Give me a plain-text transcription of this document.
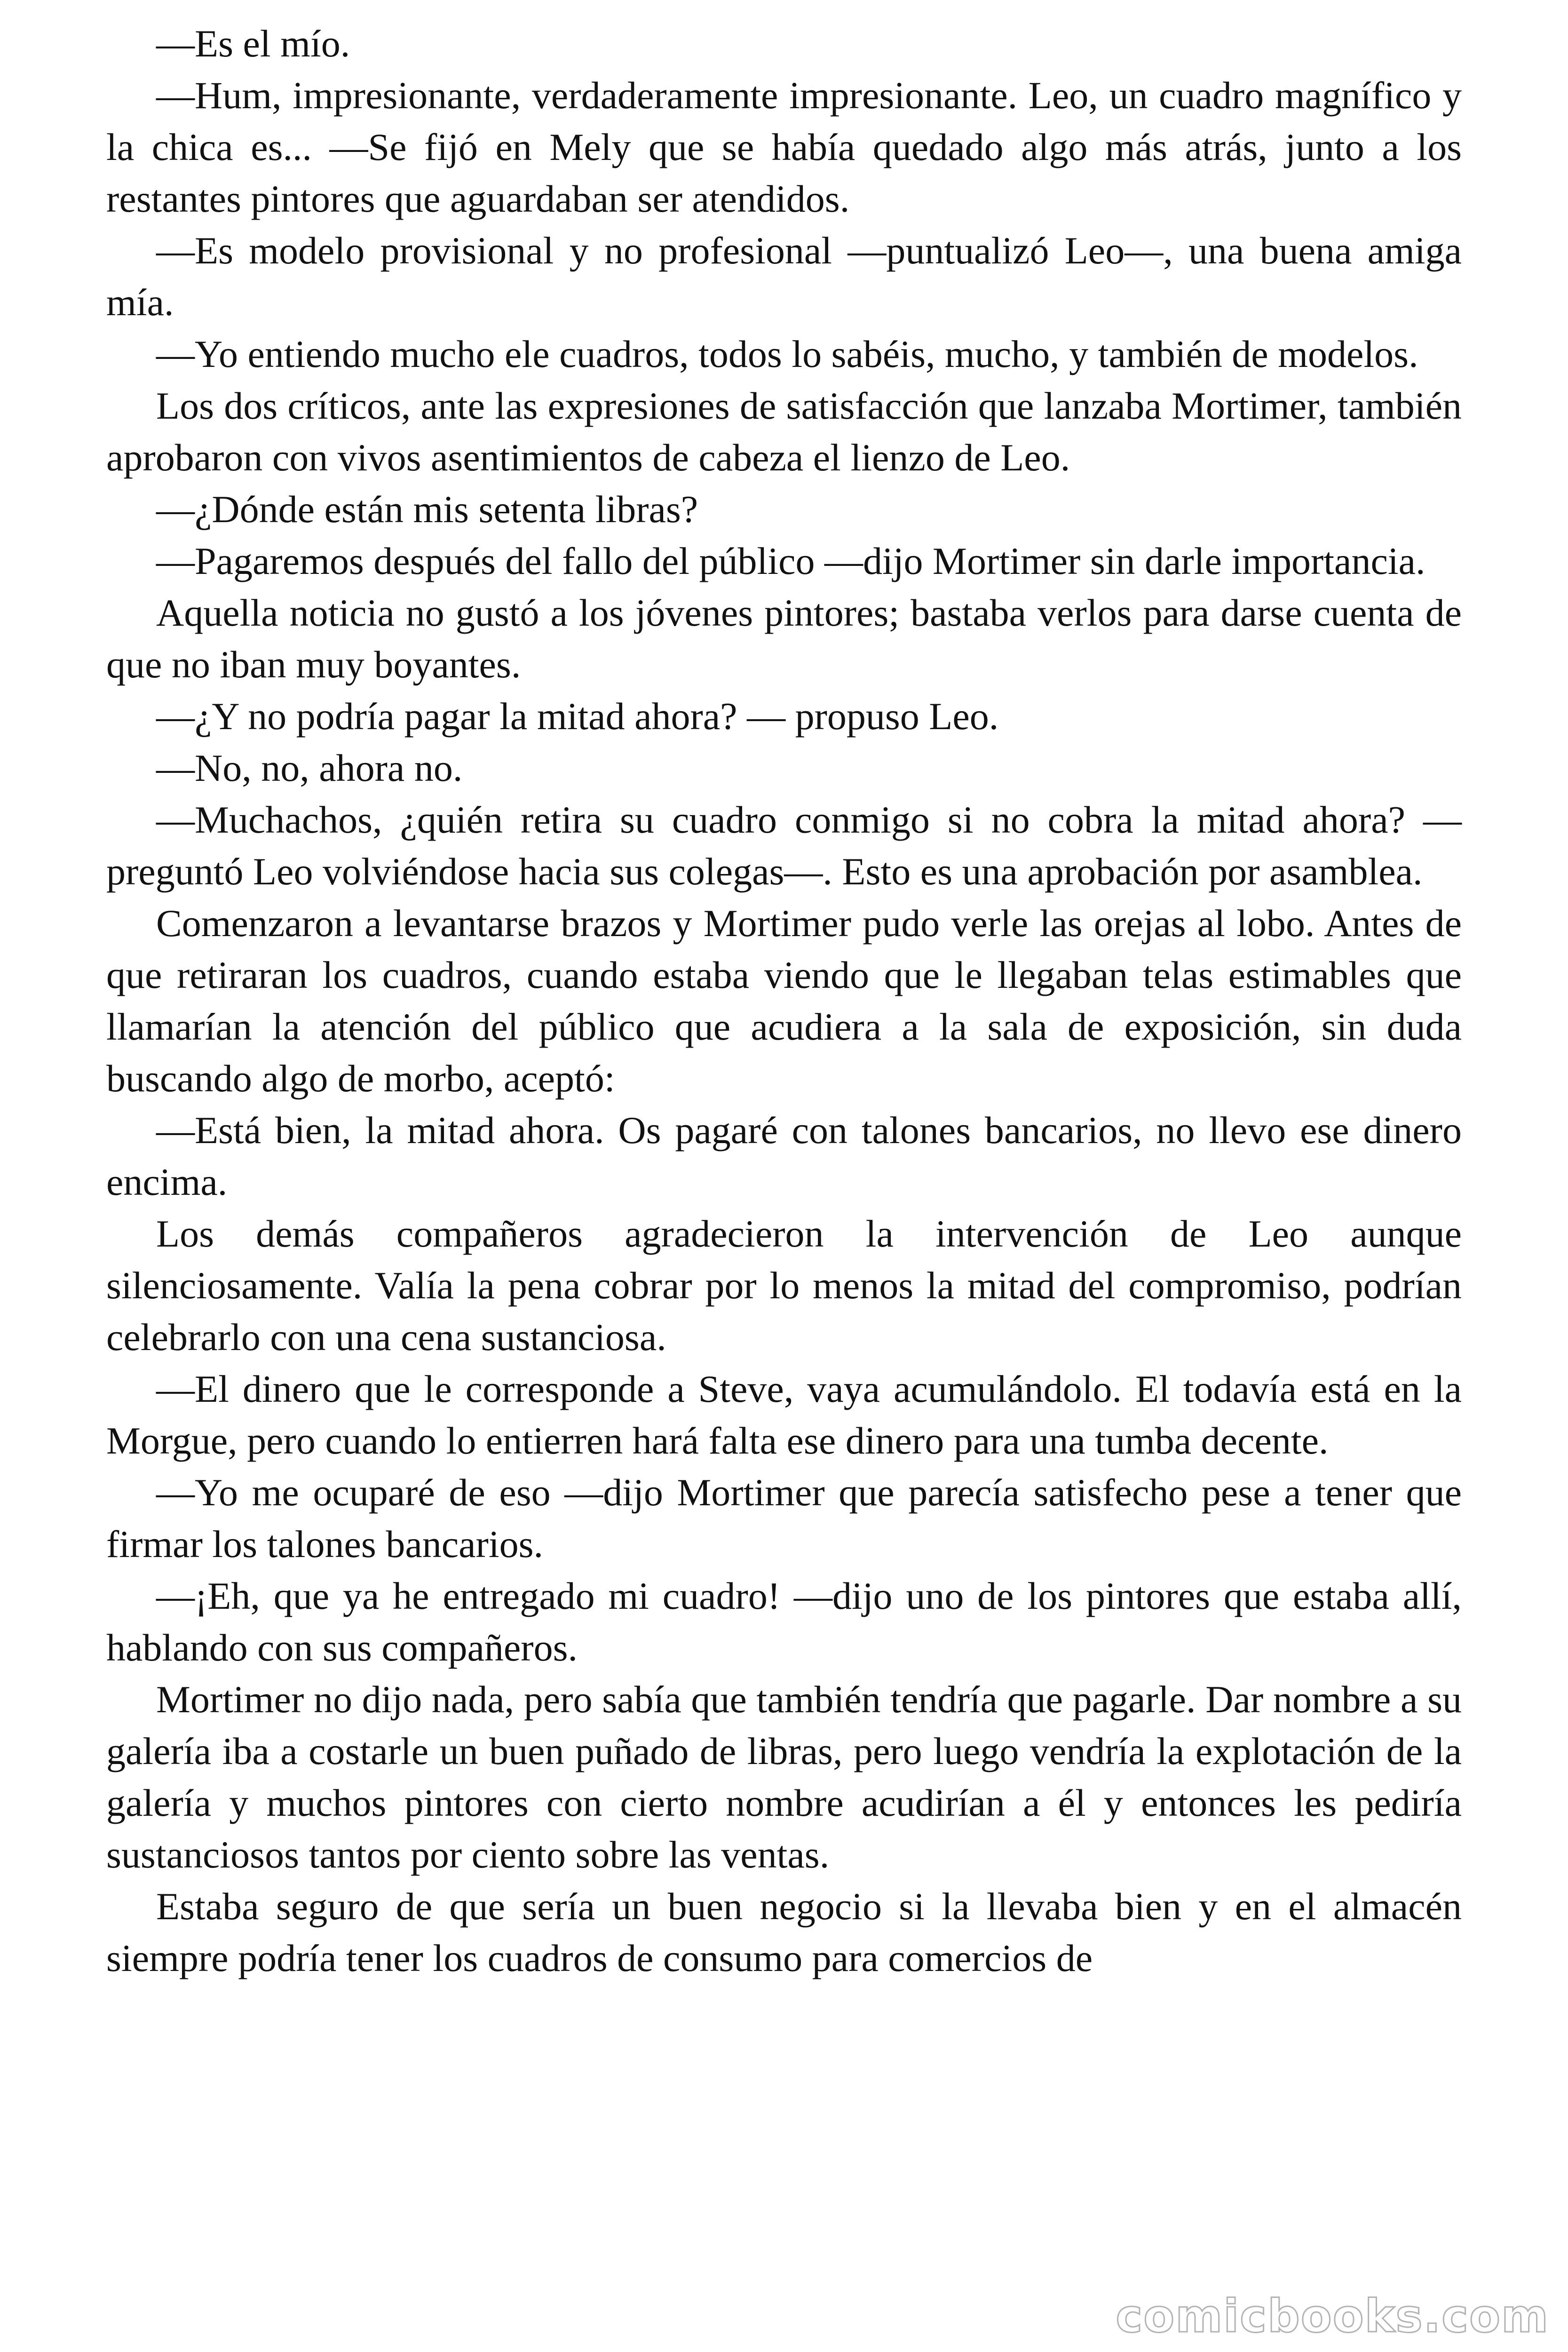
—Es el mío.

—Hum, impresionante, verdaderamente impresionante. Leo, un cuadro magnífico y la chica es... —Se fijó en Mely que se había quedado algo más atrás, junto a los restantes pintores que aguardaban ser atendidos.

—Es modelo provisional y no profesional —puntualizó Leo—, una buena amiga mía.

—Yo entiendo mucho ele cuadros, todos lo sabéis, mucho, y también de modelos.

Los dos críticos, ante las expresiones de satisfacción que lanzaba Mortimer, también aprobaron con vivos asentimientos de cabeza el lienzo de Leo.

—¿Dónde están mis setenta libras?

—Pagaremos después del fallo del público —dijo Mortimer sin darle importancia.

Aquella noticia no gustó a los jóvenes pintores; bastaba verlos para darse cuenta de que no iban muy boyantes.

—¿Y no podría pagar la mitad ahora? — propuso Leo.

—No, no, ahora no.

—Muchachos, ¿quién retira su cuadro conmigo si no cobra la mitad ahora? —preguntó Leo volviéndose hacia sus colegas—. Esto es una aprobación por asamblea.

Comenzaron a levantarse brazos y Mortimer pudo verle las orejas al lobo. Antes de que retiraran los cuadros, cuando estaba viendo que le llegaban telas estimables que llamarían la atención del público que acudiera a la sala de exposición, sin duda buscando algo de morbo, aceptó:

—Está bien, la mitad ahora. Os pagaré con talones bancarios, no llevo ese dinero encima.

Los demás compañeros agradecieron la intervención de Leo aunque silenciosamente. Valía la pena cobrar por lo menos la mitad del compromiso, podrían celebrarlo con una cena sustanciosa.

—El dinero que le corresponde a Steve, vaya acumulándolo. El todavía está en la Morgue, pero cuando lo entierren hará falta ese dinero para una tumba decente.

—Yo me ocuparé de eso —dijo Mortimer que parecía satisfecho pese a tener que firmar los talones bancarios.

—¡Eh, que ya he entregado mi cuadro! —dijo uno de los pintores que estaba allí, hablando con sus compañeros.

Mortimer no dijo nada, pero sabía que también tendría que pagarle. Dar nombre a su galería iba a costarle un buen puñado de libras, pero luego vendría la explotación de la galería y muchos pintores con cierto nombre acudirían a él y entonces les pediría sustanciosos tantos por ciento sobre las ventas.

Estaba seguro de que sería un buen negocio si la llevaba bien y en el almacén siempre podría tener los cuadros de consumo para comercios de

comicbooks.com
